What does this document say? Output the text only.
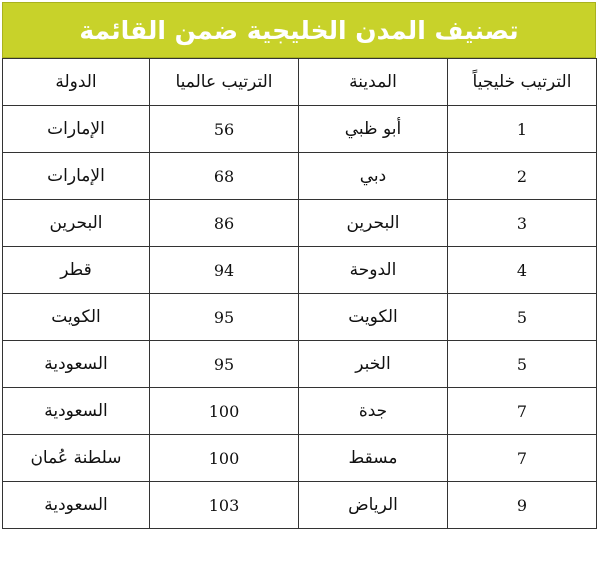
تصنيف المدن الخليجية ضمن القائمة
الترتيب خليجياً	المدينة	الترتيب عالميا	الدولة
1	أبو ظبي	56	الإمارات
2	دبي	68	الإمارات
3	البحرين	86	البحرين
4	الدوحة	94	قطر
5	الكويت	95	الكويت
5	الخبر	95	السعودية
7	جدة	100	السعودية
7	مسقط	100	سلطنة عُمان
9	الرياض	103	السعودية
